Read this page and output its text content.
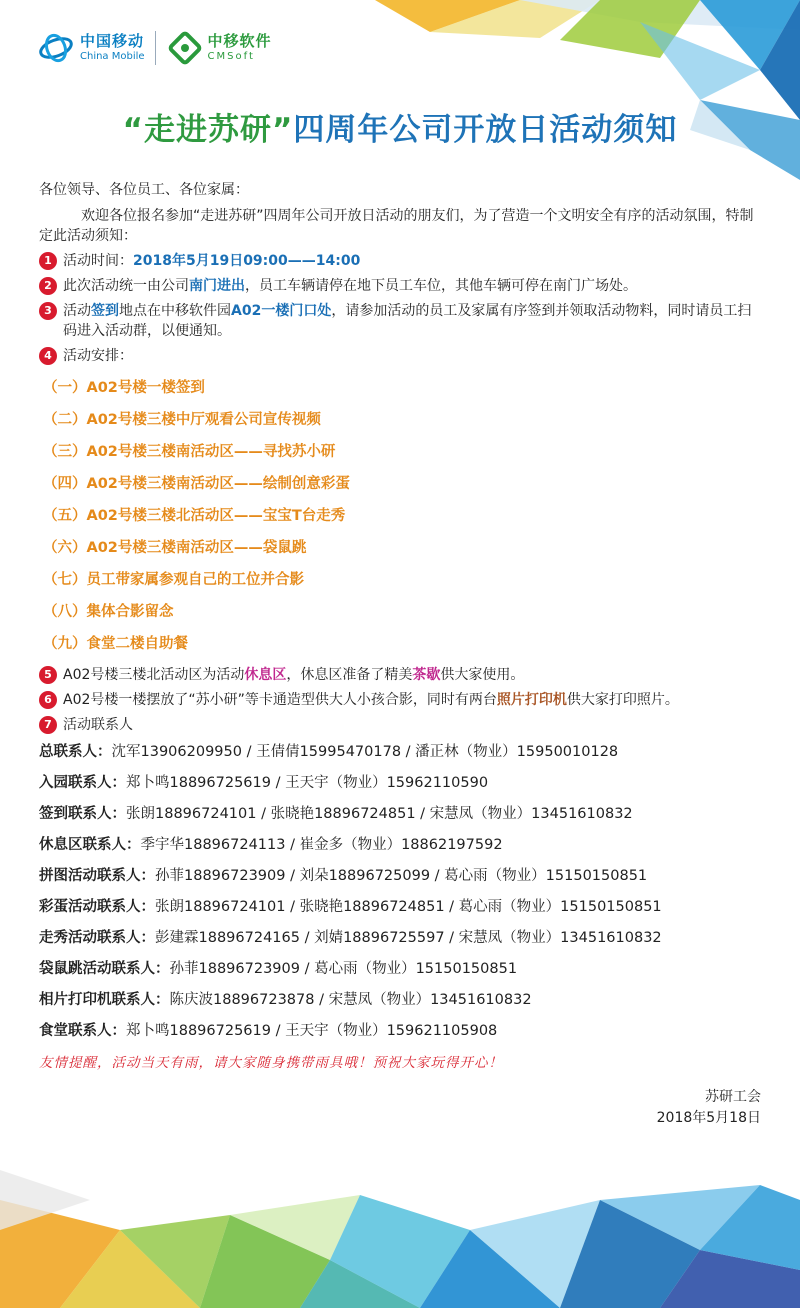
中国移动
China Mobile
中移软件
CMSoft
“走进苏研”四周年公司开放日活动须知
各位领导、各位员工、各位家属：
欢迎各位报名参加“走进苏研”四周年公司开放日活动的朋友们，为了营造一个文明安全有序的活动氛围，特制定此活动须知：
1 活动时间：2018年5月19日09:00——14:00
2 此次活动统一由公司南门进出，员工车辆请停在地下员工车位，其他车辆可停在南门广场处。
3 活动签到地点在中移软件园A02一楼门口处，请参加活动的员工及家属有序签到并领取活动物料，同时请员工扫码进入活动群，以便通知。
4 活动安排：
（一）A02号楼一楼签到
（二）A02号楼三楼中厅观看公司宣传视频
（三）A02号楼三楼南活动区——寻找苏小研
（四）A02号楼三楼南活动区——绘制创意彩蛋
（五）A02号楼三楼北活动区——宝宝T台走秀
（六）A02号楼三楼南活动区——袋鼠跳
（七）员工带家属参观自己的工位并合影
（八）集体合影留念
（九）食堂二楼自助餐
5 A02号楼三楼北活动区为活动休息区，休息区准备了精美茶歇供大家使用。
6 A02号楼一楼摆放了“苏小研”等卡通造型供大人小孩合影，同时有两台照片打印机供大家打印照片。
7 活动联系人
总联系人：沈军13906209950 / 王倩倩15995470178 / 潘正林（物业）15950010128
入园联系人：郑卜鸣18896725619 / 王天宇（物业）15962110590
签到联系人：张朗18896724101 / 张晓艳18896724851 / 宋慧凤（物业）13451610832
休息区联系人：季宇华18896724113 / 崔金多（物业）18862197592
拼图活动联系人：孙菲18896723909 / 刘朵18896725099 / 葛心雨（物业）15150150851
彩蛋活动联系人：张朗18896724101 / 张晓艳18896724851 / 葛心雨（物业）15150150851
走秀活动联系人：彭建霖18896724165 / 刘婧18896725597 / 宋慧凤（物业）13451610832
袋鼠跳活动联系人：孙菲18896723909 / 葛心雨（物业）15150150851
相片打印机联系人：陈庆波18896723878 / 宋慧凤（物业）13451610832
食堂联系人：郑卜鸣18896725619 / 王天宇（物业）159621105908
友情提醒，活动当天有雨，请大家随身携带雨具哦！预祝大家玩得开心！
苏研工会
2018年5月18日
